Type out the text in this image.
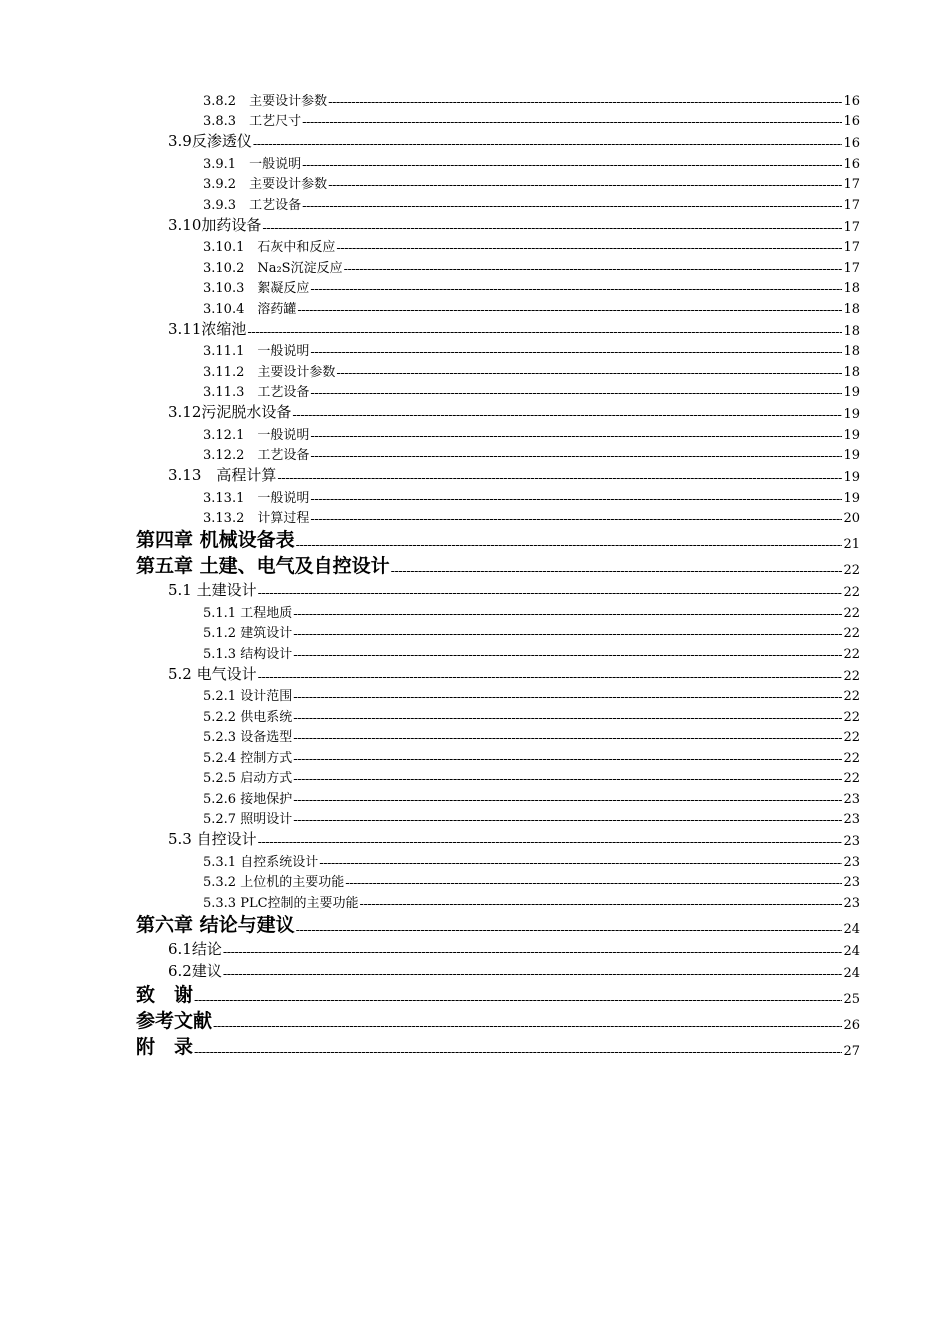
3.8.2　主要设计参数 -----	16
3.8.3　工艺尺寸 -----	16
3.9反渗透仪 -----	16
3.9.1　一般说明 -----	16
3.9.2　主要设计参数 -----	17
3.9.3　工艺设备 -----	17
3.10加药设备 -----	17
3.10.1　石灰中和反应 -----	17
3.10.2　Na₂S沉淀反应 -----	17
3.10.3　絮凝反应 -----	18
3.10.4　溶药罐 -----	18
3.11浓缩池 -----	18
3.11.1　一般说明 -----	18
3.11.2　主要设计参数 -----	18
3.11.3　工艺设备 -----	19
3.12污泥脱水设备 -----	19
3.12.1　一般说明 -----	19
3.12.2　工艺设备 -----	19
3.13　高程计算 -----	19
3.13.1　一般说明 -----	19
3.13.2　计算过程 -----	20
第四章 机械设备表 -----	21
第五章 土建、电气及自控设计 -----	22
5.1 土建设计 -----	22
5.1.1 工程地质 -----	22
5.1.2 建筑设计 -----	22
5.1.3 结构设计 -----	22
5.2 电气设计 -----	22
5.2.1 设计范围 -----	22
5.2.2 供电系统 -----	22
5.2.3 设备选型 -----	22
5.2.4 控制方式 -----	22
5.2.5 启动方式 -----	22
5.2.6 接地保护 -----	23
5.2.7 照明设计 -----	23
5.3 自控设计 -----	23
5.3.1 自控系统设计 -----	23
5.3.2 上位机的主要功能 -----	23
5.3.3 PLC控制的主要功能 -----	23
第六章 结论与建议 -----	24
6.1结论 -----	24
6.2建议 -----	24
致　谢 -----	25
参考文献 -----	26
附　录 -----	27
